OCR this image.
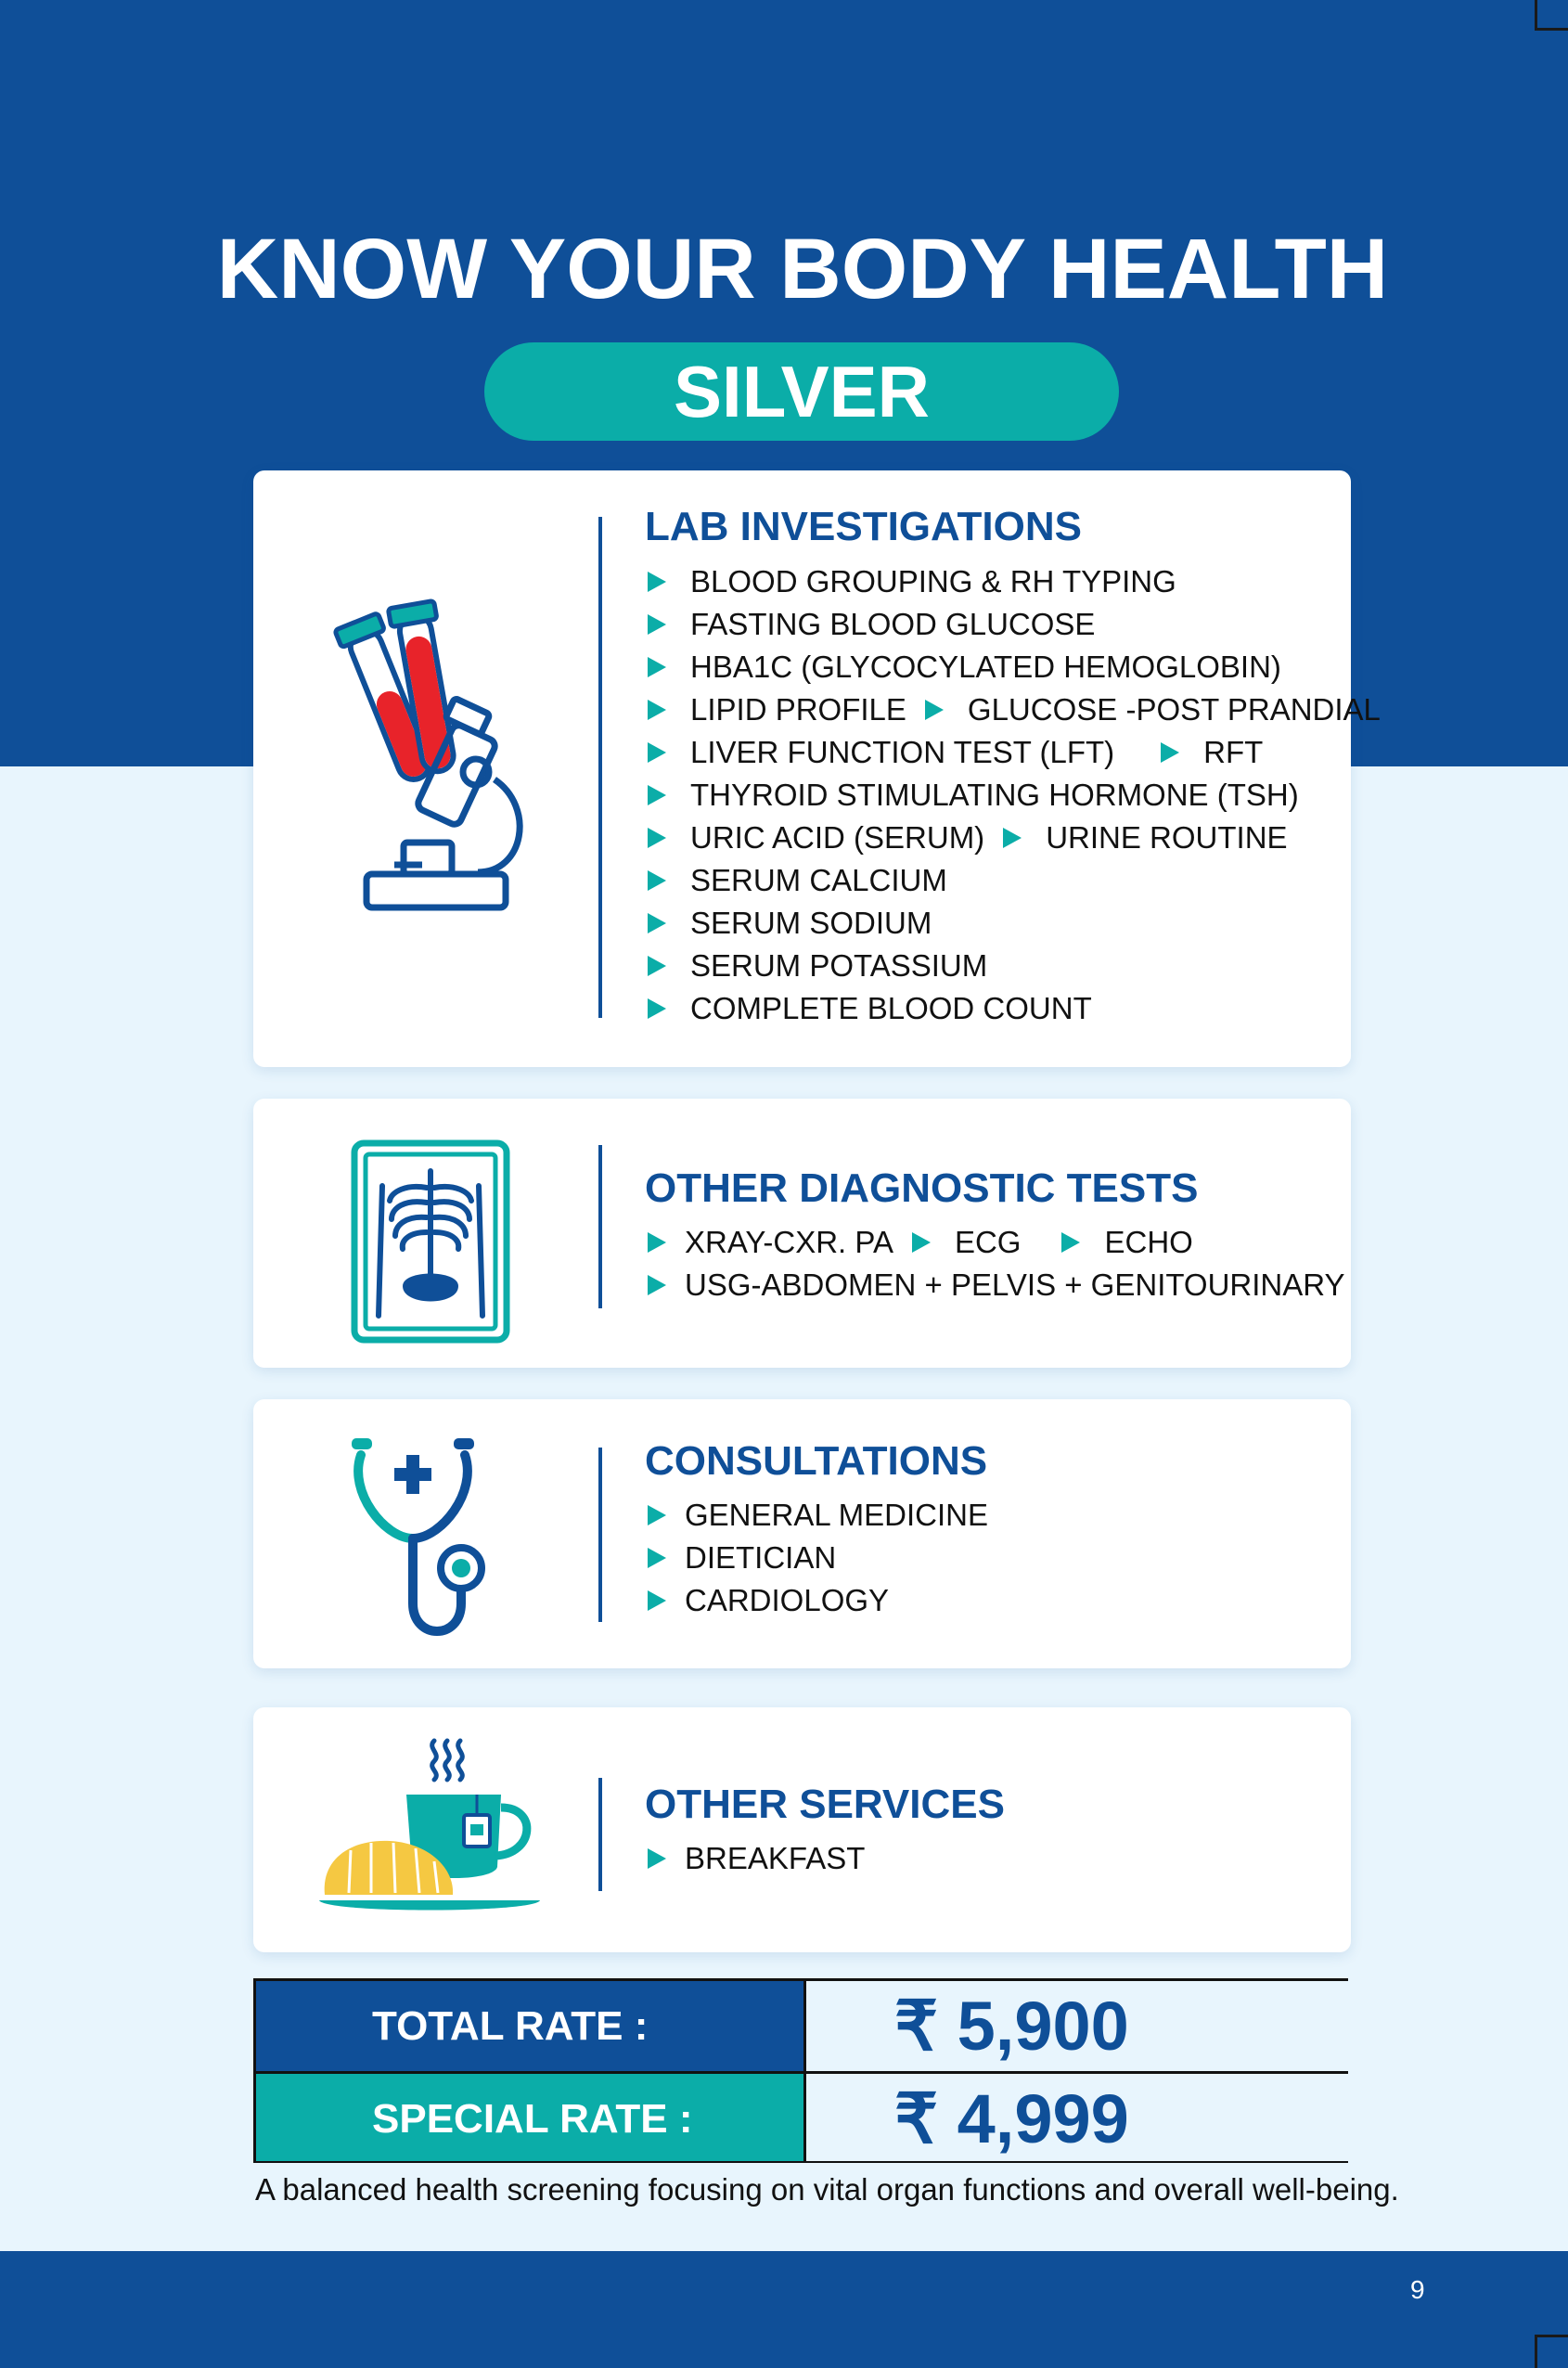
KNOW YOUR BODY HEALTH
SILVER
LAB INVESTIGATIONS
BLOOD GROUPING & RH TYPING
FASTING BLOOD GLUCOSE
HBA1C (GLYCOCYLATED HEMOGLOBIN)
LIPID PROFILE GLUCOSE -POST PRANDIAL
LIVER FUNCTION TEST (LFT)	RFT
THYROID STIMULATING HORMONE (TSH)
URIC ACID (SERUM) URINE ROUTINE
SERUM CALCIUM
SERUM SODIUM
SERUM POTASSIUM
COMPLETE BLOOD COUNT
OTHER DIAGNOSTIC TESTS
XRAY-CXR. PA ECG	ECHO
USG-ABDOMEN + PELVIS + GENITOURINARY
CONSULTATIONS
GENERAL MEDICINE
DIETICIAN
CARDIOLOGY
OTHER SERVICES
BREAKFAST
TOTAL RATE :	₹ 5,900
SPECIAL RATE :	₹ 4,999
A balanced health screening focusing on vital organ functions and overall well-being.
9
